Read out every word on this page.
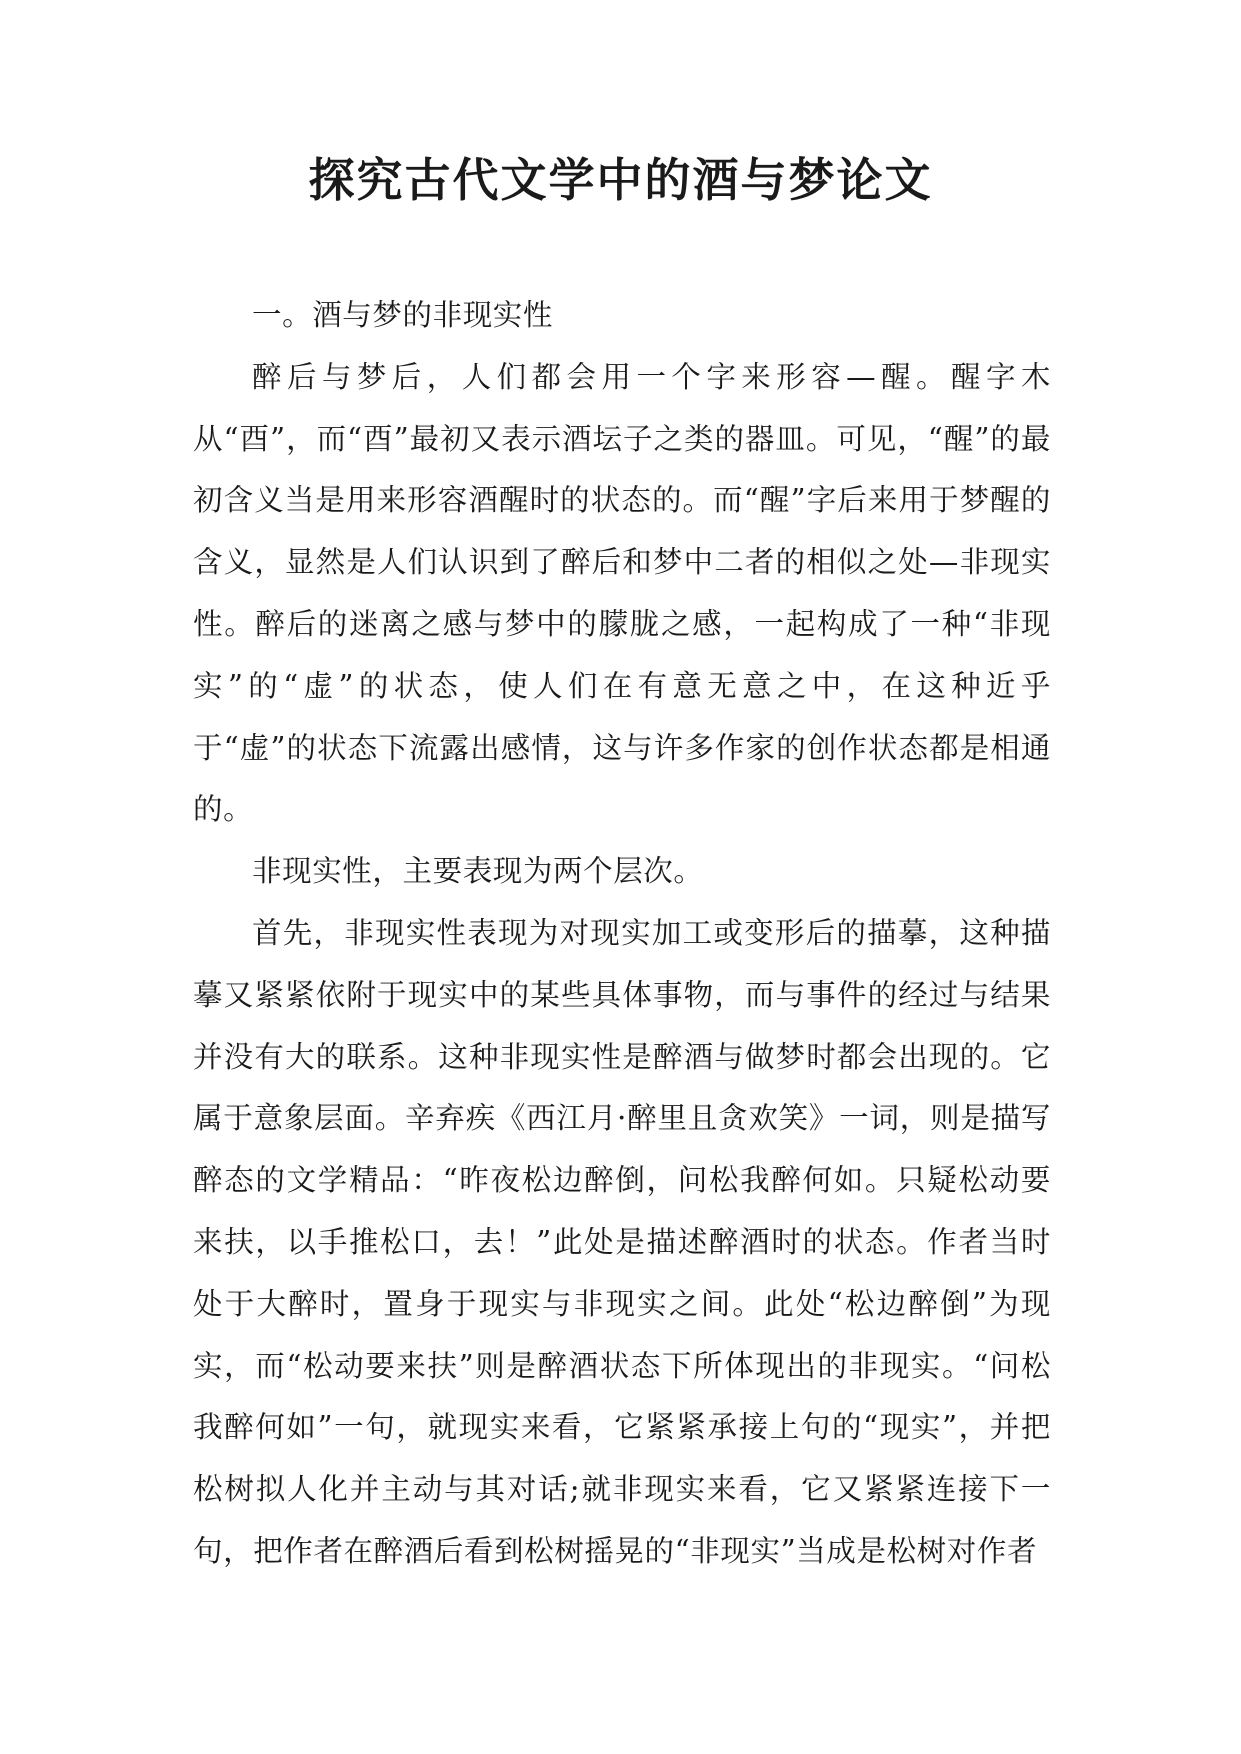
探究古代文学中的酒与梦论文

一。酒与梦的非现实性

醉后与梦后，人们都会用一个字来形容—醒。醒字木从“酉”，而“酉”最初又表示酒坛子之类的器皿。可见，“醒”的最初含义当是用来形容酒醒时的状态的。而“醒”字后来用于梦醒的含义，显然是人们认识到了醉后和梦中二者的相似之处—非现实性。醉后的迷离之感与梦中的朦胧之感，一起构成了一种“非现实”的“虚”的状态，使人们在有意无意之中，在这种近乎于“虚”的状态下流露出感情，这与许多作家的创作状态都是相通的。

非现实性，主要表现为两个层次。

首先，非现实性表现为对现实加工或变形后的描摹，这种描摹又紧紧依附于现实中的某些具体事物，而与事件的经过与结果并没有大的联系。这种非现实性是醉酒与做梦时都会出现的。它属于意象层面。辛弃疾《西江月·醉里且贪欢笑》一词，则是描写醉态的文学精品：“昨夜松边醉倒，问松我醉何如。只疑松动要来扶，以手推松口，去！”此处是描述醉酒时的状态。作者当时处于大醉时，置身于现实与非现实之间。此处“松边醉倒”为现实，而“松动要来扶”则是醉酒状态下所体现出的非现实。“问松我醉何如”一句，就现实来看，它紧紧承接上句的“现实”，并把松树拟人化并主动与其对话;就非现实来看，它又紧紧连接下一句，把作者在醉酒后看到松树摇晃的“非现实”当成是松树对作者
